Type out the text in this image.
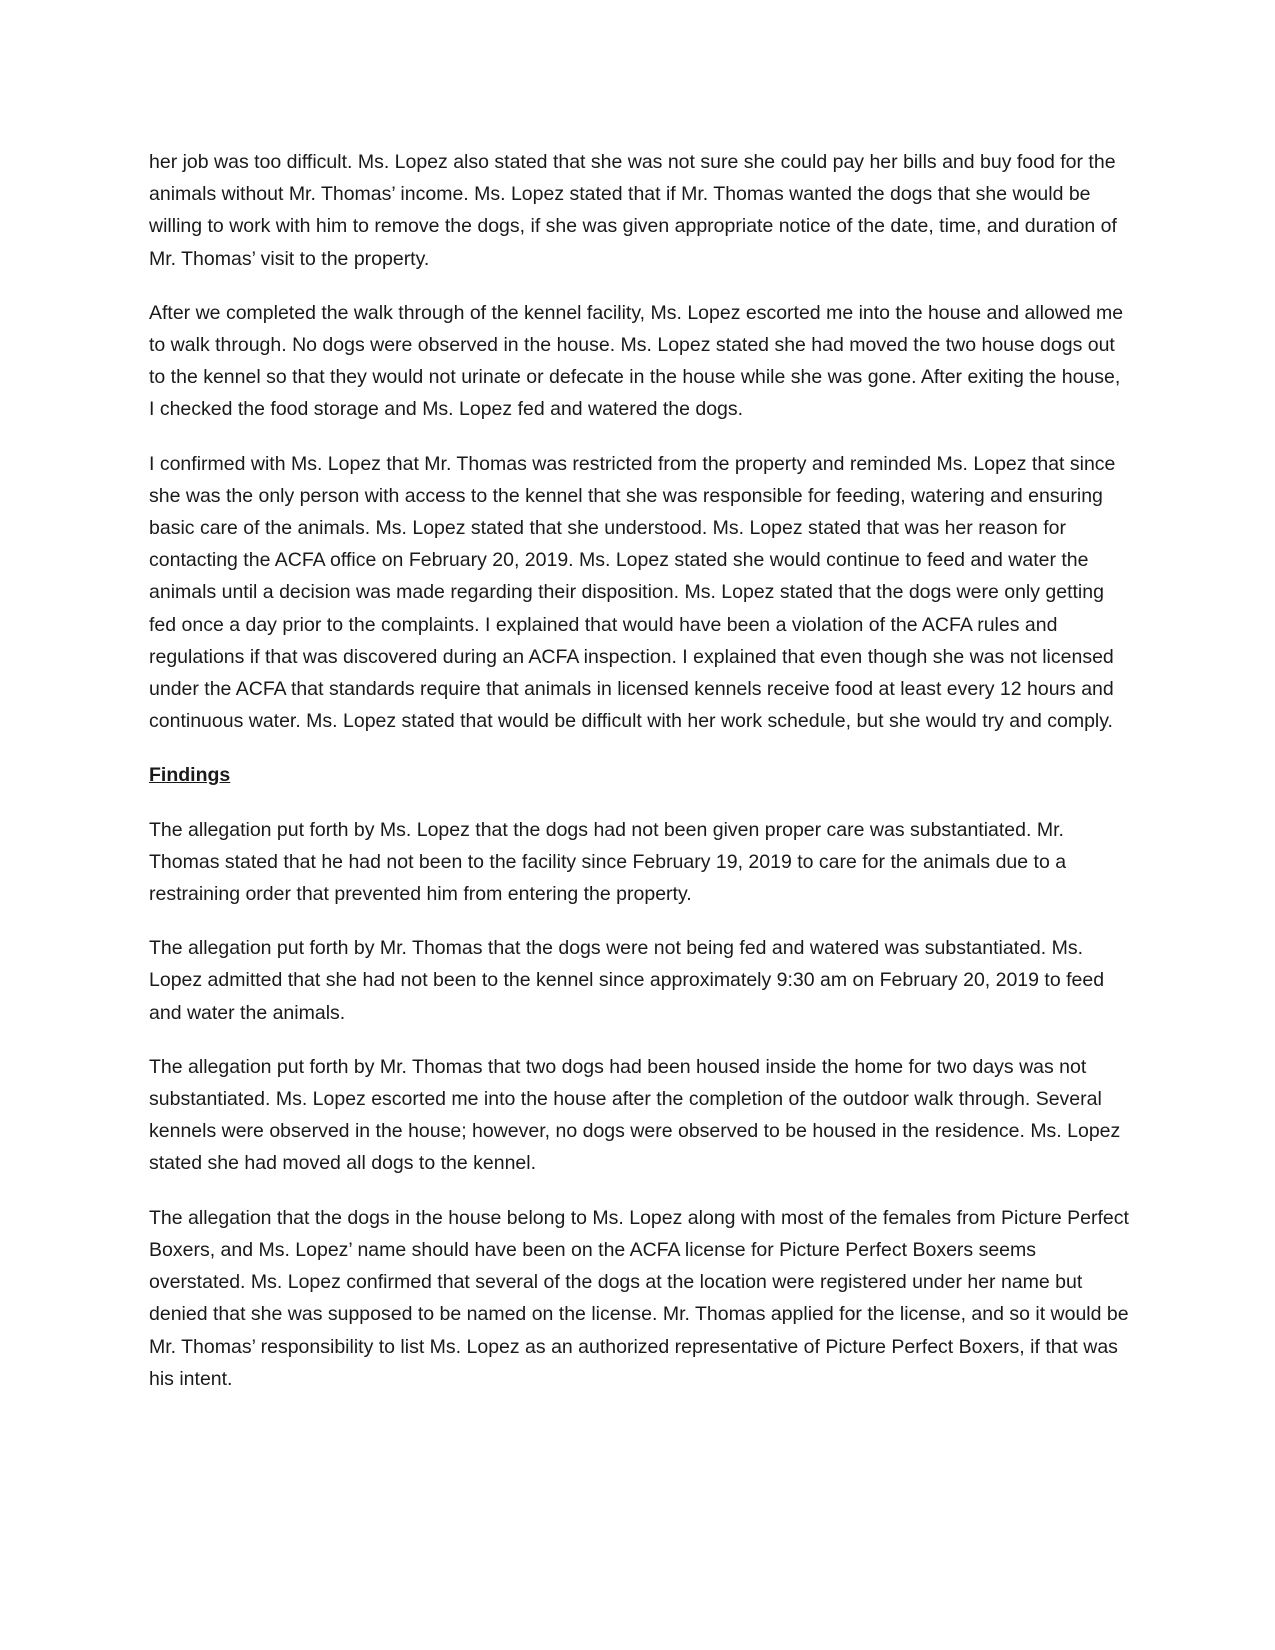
her job was too difficult. Ms. Lopez also stated that she was not sure she could pay her bills and buy food for the animals without Mr. Thomas’ income. Ms. Lopez stated that if Mr. Thomas wanted the dogs that she would be willing to work with him to remove the dogs, if she was given appropriate notice of the date, time, and duration of Mr. Thomas’ visit to the property.

After we completed the walk through of the kennel facility, Ms. Lopez escorted me into the house and allowed me to walk through. No dogs were observed in the house. Ms. Lopez stated she had moved the two house dogs out to the kennel so that they would not urinate or defecate in the house while she was gone. After exiting the house, I checked the food storage and Ms. Lopez fed and watered the dogs.

I confirmed with Ms. Lopez that Mr. Thomas was restricted from the property and reminded Ms. Lopez that since she was the only person with access to the kennel that she was responsible for feeding, watering and ensuring basic care of the animals. Ms. Lopez stated that she understood. Ms. Lopez stated that was her reason for contacting the ACFA office on February 20, 2019. Ms. Lopez stated she would continue to feed and water the animals until a decision was made regarding their disposition. Ms. Lopez stated that the dogs were only getting fed once a day prior to the complaints. I explained that would have been a violation of the ACFA rules and regulations if that was discovered during an ACFA inspection. I explained that even though she was not licensed under the ACFA that standards require that animals in licensed kennels receive food at least every 12 hours and continuous water. Ms. Lopez stated that would be difficult with her work schedule, but she would try and comply.

Findings

The allegation put forth by Ms. Lopez that the dogs had not been given proper care was substantiated. Mr. Thomas stated that he had not been to the facility since February 19, 2019 to care for the animals due to a restraining order that prevented him from entering the property.

The allegation put forth by Mr. Thomas that the dogs were not being fed and watered was substantiated. Ms. Lopez admitted that she had not been to the kennel since approximately 9:30 am on February 20, 2019 to feed and water the animals.

The allegation put forth by Mr. Thomas that two dogs had been housed inside the home for two days was not substantiated. Ms. Lopez escorted me into the house after the completion of the outdoor walk through. Several kennels were observed in the house; however, no dogs were observed to be housed in the residence. Ms. Lopez stated she had moved all dogs to the kennel.

The allegation that the dogs in the house belong to Ms. Lopez along with most of the females from Picture Perfect Boxers, and Ms. Lopez’ name should have been on the ACFA license for Picture Perfect Boxers seems overstated. Ms. Lopez confirmed that several of the dogs at the location were registered under her name but denied that she was supposed to be named on the license. Mr. Thomas applied for the license, and so it would be Mr. Thomas’ responsibility to list Ms. Lopez as an authorized representative of Picture Perfect Boxers, if that was his intent.
